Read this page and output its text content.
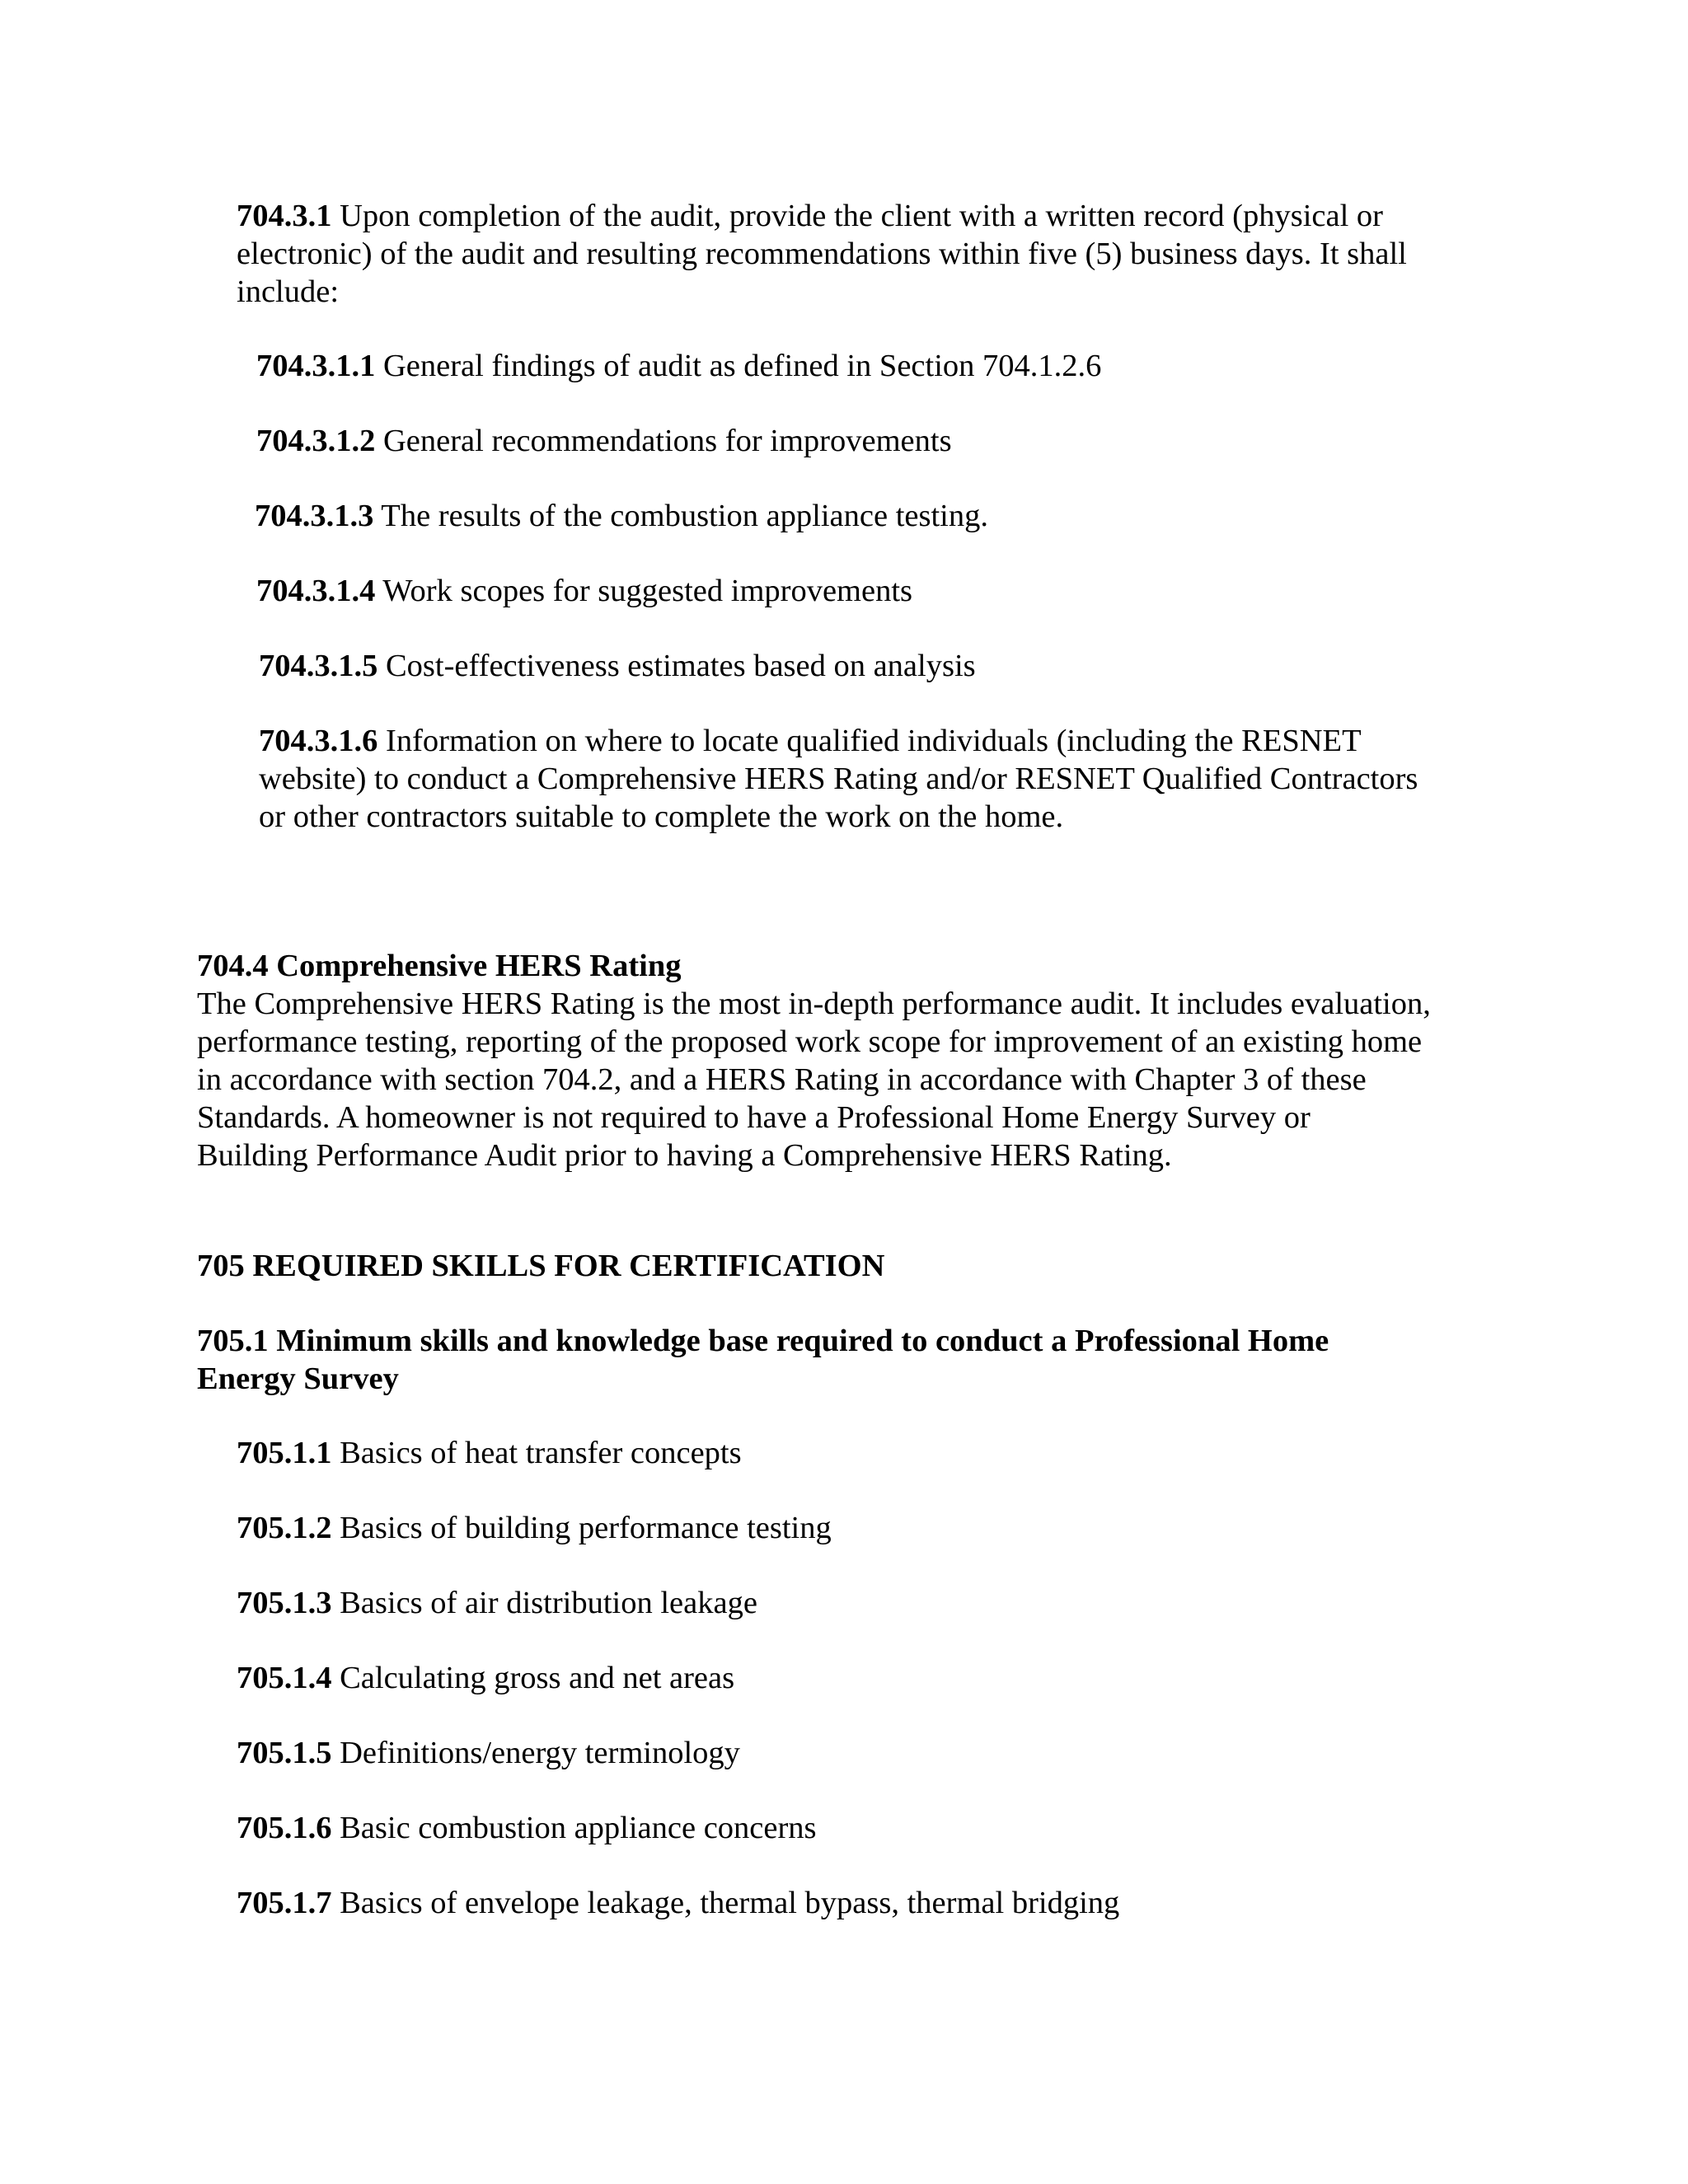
704.3.1 Upon completion of the audit, provide the client with a written record (physical or
electronic) of the audit and resulting recommendations within five (5) business days. It shall
include:
704.3.1.1 General findings of audit as defined in Section 704.1.2.6
704.3.1.2 General recommendations for improvements
704.3.1.3 The results of the combustion appliance testing.
704.3.1.4 Work scopes for suggested improvements
704.3.1.5 Cost-effectiveness estimates based on analysis
704.3.1.6 Information on where to locate qualified individuals (including the RESNET
website) to conduct a Comprehensive HERS Rating and/or RESNET Qualified Contractors
or other contractors suitable to complete the work on the home.
704.4 Comprehensive HERS Rating
The Comprehensive HERS Rating is the most in-depth performance audit. It includes evaluation,
performance testing, reporting of the proposed work scope for improvement of an existing home
in accordance with section 704.2, and a HERS Rating in accordance with Chapter 3 of these
Standards. A homeowner is not required to have a Professional Home Energy Survey or
Building Performance Audit prior to having a Comprehensive HERS Rating.
705 REQUIRED SKILLS FOR CERTIFICATION
705.1 Minimum skills and knowledge base required to conduct a Professional Home
Energy Survey
705.1.1 Basics of heat transfer concepts
705.1.2 Basics of building performance testing
705.1.3 Basics of air distribution leakage
705.1.4 Calculating gross and net areas
705.1.5 Definitions/energy terminology
705.1.6 Basic combustion appliance concerns
705.1.7 Basics of envelope leakage, thermal bypass, thermal bridging
